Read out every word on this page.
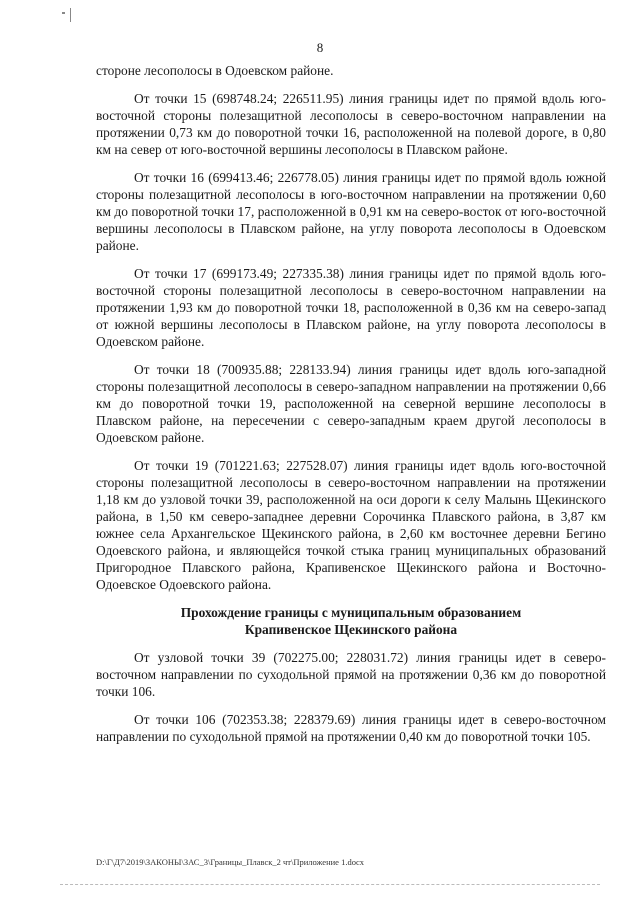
8

стороне лесополосы в Одоевском районе.

От точки 15 (698748.24; 226511.95) линия границы идет по прямой вдоль юго-восточной стороны полезащитной лесополосы в северо-восточном направлении на протяжении 0,73 км до поворотной точки 16, расположенной на полевой дороге, в 0,80 км на север от юго-восточной вершины лесополосы в Плавском районе.

От точки 16 (699413.46; 226778.05) линия границы идет по прямой вдоль южной стороны полезащитной лесополосы в юго-восточном направлении на протяжении 0,60 км до поворотной точки 17, расположенной в 0,91 км на северо-восток от юго-восточной вершины лесополосы в Плавском районе, на углу поворота лесополосы в Одоевском районе.

От точки 17 (699173.49; 227335.38) линия границы идет по прямой вдоль юго-восточной стороны полезащитной лесополосы в северо-восточном направлении на протяжении 1,93 км до поворотной точки 18, расположенной в 0,36 км на северо-запад от южной вершины лесополосы в Плавском районе, на углу поворота лесополосы в Одоевском районе.

От точки 18 (700935.88; 228133.94) линия границы идет вдоль юго-западной стороны полезащитной лесополосы в северо-западном направлении на протяжении 0,66 км до поворотной точки 19, расположенной на северной вершине лесополосы в Плавском районе, на пересечении с северо-западным краем другой лесополосы в Одоевском районе.

От точки 19 (701221.63; 227528.07) линия границы идет вдоль юго-восточной стороны полезащитной лесополосы в северо-восточном направлении на протяжении 1,18 км до узловой точки 39, расположенной на оси дороги к селу Малынь Щекинского района, в 1,50 км северо-западнее деревни Сорочинка Плавского района, в 3,87 км южнее села Архангельское Щекинского района, в 2,60 км восточнее деревни Бегино Одоевского района, и являющейся точкой стыка границ муниципальных образований Пригородное Плавского района, Крапивенское Щекинского района и Восточно-Одоевское Одоевского района.

Прохождение границы с муниципальным образованием
Крапивенское Щекинского района

От узловой точки 39 (702275.00; 228031.72) линия границы идет в северо-восточном направлении по суходольной прямой на протяжении 0,36 км до поворотной точки 106.

От точки 106 (702353.38; 228379.69) линия границы идет в северо-восточном направлении по суходольной прямой на протяжении 0,40 км до поворотной точки 105.

D:\Г\Д7\2019\ЗАКОНЫ\ЗАС_3\Границы_Плавск_2 чт\Приложение 1.docx
